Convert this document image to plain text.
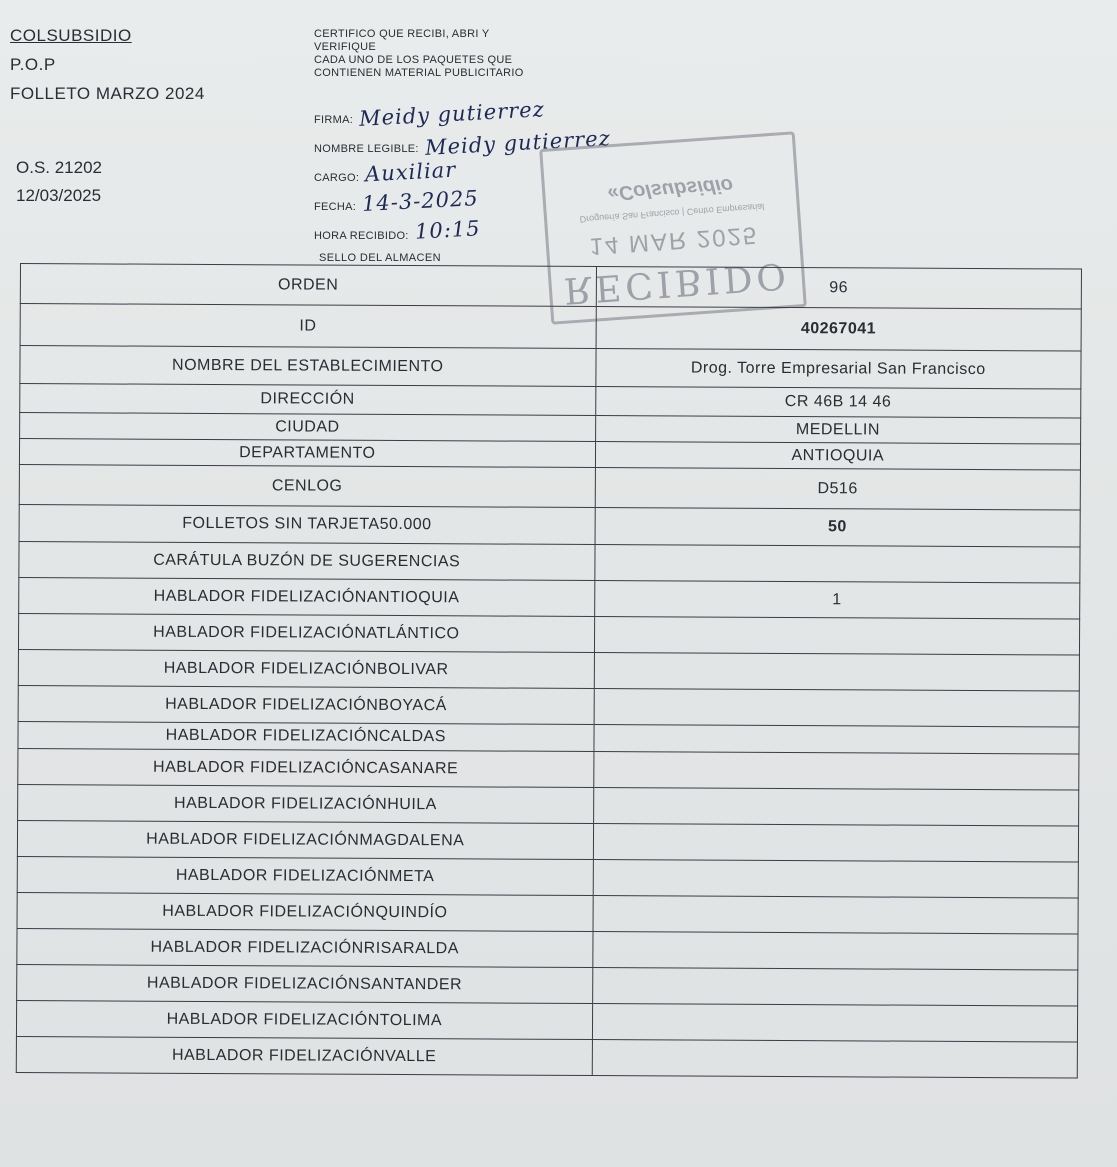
COLSUBSIDIO
P.O.P
FOLLETO MARZO 2024
O.S. 21202
12/03/2025
CERTIFICO QUE RECIBI, ABRI Y
VERIFIQUE
CADA UNO DE LOS PAQUETES QUE
CONTIENEN MATERIAL PUBLICITARIO
FIRMA: Meidy gutierrez
NOMBRE LEGIBLE: Meidy gutierrez
CARGO: Auxiliar
FECHA: 14-3-2025
HORA RECIBIDO: 10:15
SELLO DEL ALMACEN	RECIBIDO
14 MAR 2025
Droguería San Francisco | Centro Empresarial
«Colsubsidio
ORDEN	96
ID	40267041
NOMBRE DEL ESTABLECIMIENTO	Drog. Torre Empresarial San Francisco
DIRECCIÓN	CR 46B 14 46
CIUDAD	MEDELLIN
DEPARTAMENTO	ANTIOQUIA
CENLOG	D516
FOLLETOS SIN TARJETA50.000	50
CARÁTULA BUZÓN DE SUGERENCIAS	
HABLADOR FIDELIZACIÓNANTIOQUIA	1
HABLADOR FIDELIZACIÓNATLÁNTICO	
HABLADOR FIDELIZACIÓNBOLIVAR	
HABLADOR FIDELIZACIÓNBOYACÁ	
HABLADOR FIDELIZACIÓNCALDAS	
HABLADOR FIDELIZACIÓNCASANARE	
HABLADOR FIDELIZACIÓNHUILA	
HABLADOR FIDELIZACIÓNMAGDALENA	
HABLADOR FIDELIZACIÓNMETA	
HABLADOR FIDELIZACIÓNQUINDÍO	
HABLADOR FIDELIZACIÓNRISARALDA	
HABLADOR FIDELIZACIÓNSANTANDER	
HABLADOR FIDELIZACIÓNTOLIMA	
HABLADOR FIDELIZACIÓNVALLE	
